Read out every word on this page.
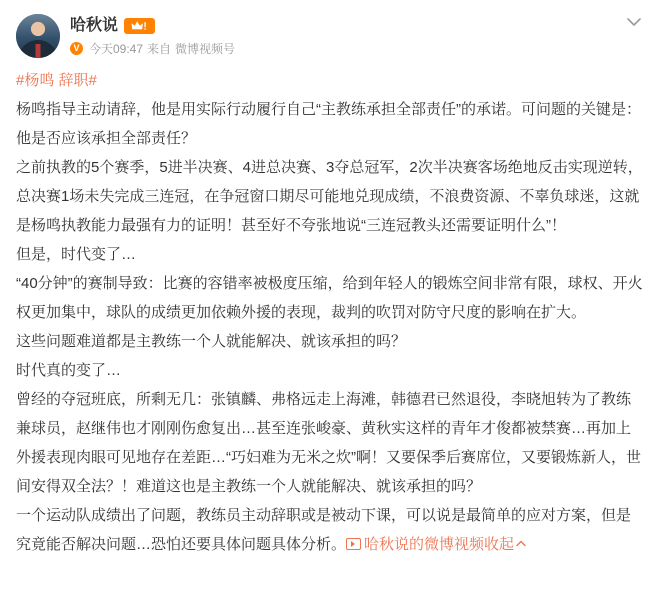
哈秋说
V 今天09:47 来自 微博视频号
#杨鸣 辞职#

杨鸣指导主动请辞，他是用实际行动履行自己“主教练承担全部责任”的承诺。可问题的关键是：他是否应该承担全部责任？

之前执教的5个赛季，5进半决赛、4进总决赛、3夺总冠军，2次半决赛客场绝地反击实现逆转，总决赛1场未失完成三连冠，在争冠窗口期尽可能地兑现成绩，不浪费资源、不辜负球迷，这就是杨鸣执教能力最强有力的证明！甚至好不夸张地说“三连冠教头还需要证明什么”！

但是，时代变了…

“40分钟”的赛制导致：比赛的容错率被极度压缩，给到年轻人的锻炼空间非常有限，球权、开火权更加集中，球队的成绩更加依赖外援的表现，裁判的吹罚对防守尺度的影响在扩大。

这些问题难道都是主教练一个人就能解决、就该承担的吗？

时代真的变了…

曾经的夺冠班底，所剩无几：张镇麟、弗格远走上海滩，韩德君已然退役，李晓旭转为了教练兼球员，赵继伟也才刚刚伤愈复出…甚至连张峻豪、黄秋实这样的青年才俊都被禁赛…再加上外援表现肉眼可见地存在差距…“巧妇难为无米之炊”啊！又要保季后赛席位，又要锻炼新人，世间安得双全法？！难道这也是主教练一个人就能解决、就该承担的吗？

一个运动队成绩出了问题，教练员主动辞职或是被动下课，可以说是最简单的应对方案，但是究竟能否解决问题…恐怕还要具体问题具体分析。 哈秋说的微博视频收起
